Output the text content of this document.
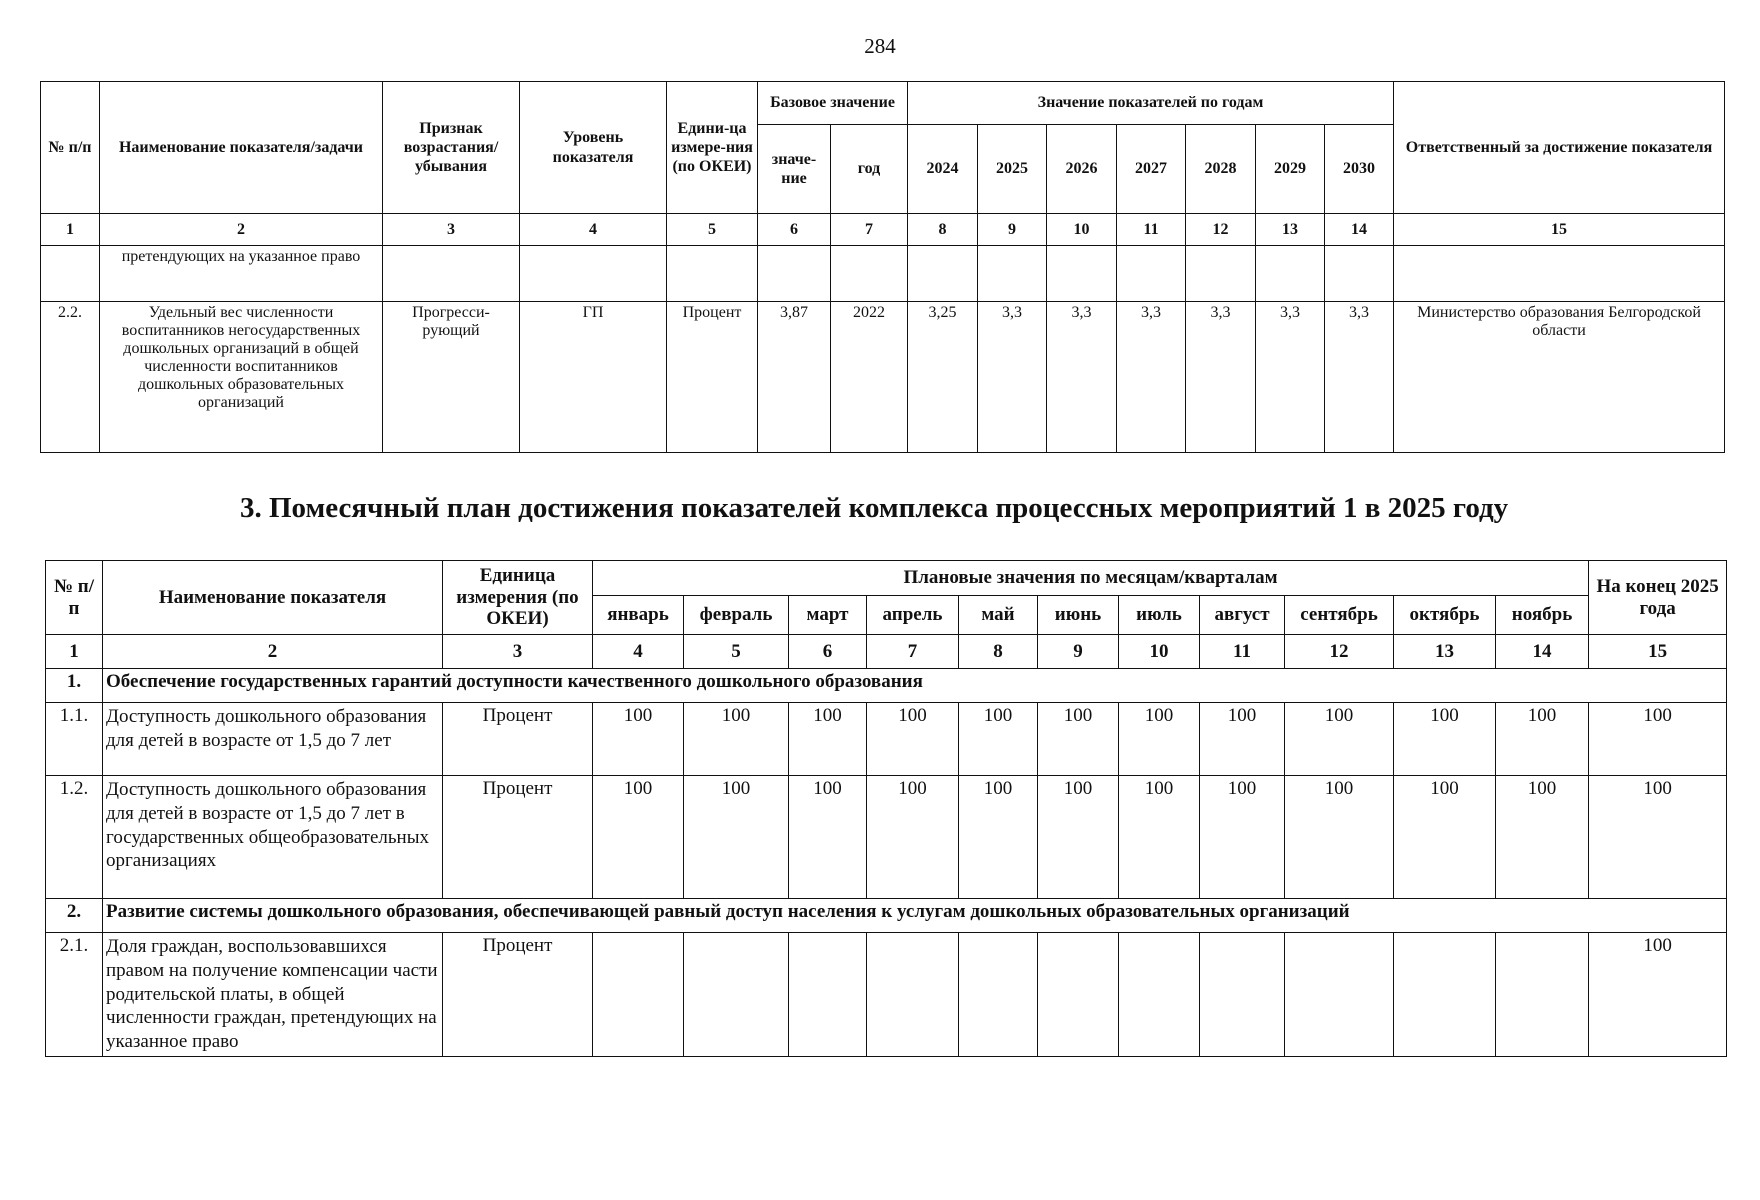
284
№ п/п	Наименование показателя/задачи	Признак возрастания/ убывания	Уровень показателя	Едини-ца измере-ния (по ОКЕИ)	Базовое значение		Значение показателей по годам							Ответственный за достижение показателя
					значе-ние	год	2024	2025	2026	2027	2028	2029	2030	
1	2	3	4	5	6	7	8	9	10	11	12	13	14	15
	претендующих на указанное право													
2.2.	Удельный вес численности воспитанников негосударственных дошкольных организаций в общей численности воспитанников дошкольных образовательных организаций	Прогресси-рующий	ГП	Процент	3,87	2022	3,25	3,3	3,3	3,3	3,3	3,3	3,3	Министерство образования Белгородской области
3. Помесячный план достижения показателей комплекса процессных мероприятий 1 в 2025 году
№ п/п	Наименование показателя	Единица измерения (по ОКЕИ)	Плановые значения по месяцам/кварталам											На конец 2025 года
			январь	февраль	март	апрель	май	июнь	июль	август	сентябрь	октябрь	ноябрь	
1	2	3	4	5	6	7	8	9	10	11	12	13	14	15
1.	Обеспечение государственных гарантий доступности качественного дошкольного образования													
1.1.	Доступность дошкольного образования для детей в возрасте от 1,5 до 7 лет	Процент	100	100	100	100	100	100	100	100	100	100	100	100
1.2.	Доступность дошкольного образования для детей в возрасте от 1,5 до 7 лет в государственных общеобразовательных организациях	Процент	100	100	100	100	100	100	100	100	100	100	100	100
2.	Развитие системы дошкольного образования, обеспечивающей равный доступ населения к услугам дошкольных образовательных организаций													
2.1.	Доля граждан, воспользовавшихся правом на получение компенсации части родительской платы, в общей численности граждан, претендующих на указанное право	Процент												100
